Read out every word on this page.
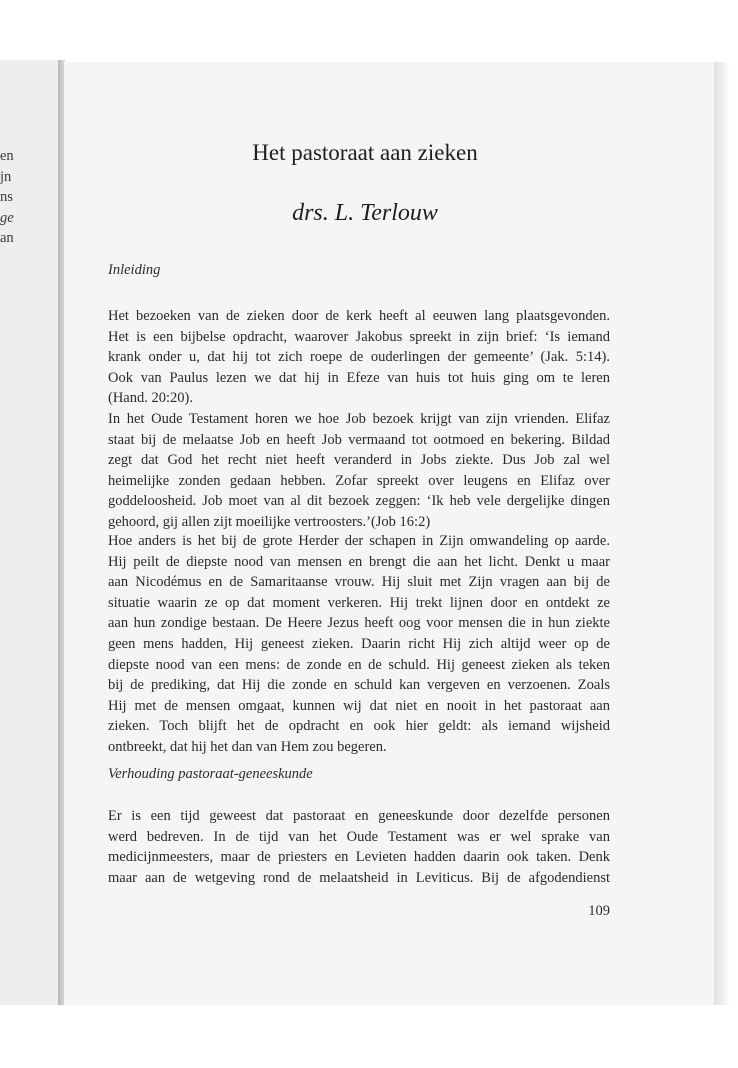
en
jn
ns
ge
an
Het pastoraat aan zieken
drs. L. Terlouw
Inleiding
Het bezoeken van de zieken door de kerk heeft al eeuwen lang plaatsgevonden.
Het is een bijbelse opdracht, waarover Jakobus spreekt in zijn brief: ‘Is iemand
krank onder u, dat hij tot zich roepe de ouderlingen der gemeente’ (Jak. 5:14).
Ook van Paulus lezen we dat hij in Efeze van huis tot huis ging om te leren
(Hand. 20:20).
In het Oude Testament horen we hoe Job bezoek krijgt van zijn vrienden. Elifaz
staat bij de melaatse Job en heeft Job vermaand tot ootmoed en bekering. Bildad
zegt dat God het recht niet heeft veranderd in Jobs ziekte. Dus Job zal wel
heimelijke zonden gedaan hebben. Zofar spreekt over leugens en Elifaz over
goddeloosheid. Job moet van al dit bezoek zeggen: ‘Ik heb vele dergelijke dingen
gehoord, gij allen zijt moeilijke vertroosters.’(Job 16:2)
Hoe anders is het bij de grote Herder der schapen in Zijn omwandeling op aarde.
Hij peilt de diepste nood van mensen en brengt die aan het licht. Denkt u maar
aan Nicodémus en de Samaritaanse vrouw. Hij sluit met Zijn vragen aan bij de
situatie waarin ze op dat moment verkeren. Hij trekt lijnen door en ontdekt ze
aan hun zondige bestaan. De Heere Jezus heeft oog voor mensen die in hun ziekte
geen mens hadden, Hij geneest zieken. Daarin richt Hij zich altijd weer op de
diepste nood van een mens: de zonde en de schuld. Hij geneest zieken als teken
bij de prediking, dat Hij die zonde en schuld kan vergeven en verzoenen. Zoals
Hij met de mensen omgaat, kunnen wij dat niet en nooit in het pastoraat aan
zieken. Toch blijft het de opdracht en ook hier geldt: als iemand wijsheid
ontbreekt, dat hij het dan van Hem zou begeren.
Verhouding pastoraat-geneeskunde
Er is een tijd geweest dat pastoraat en geneeskunde door dezelfde personen
werd bedreven. In de tijd van het Oude Testament was er wel sprake van
medicijnmeesters, maar de priesters en Levieten hadden daarin ook taken. Denk
maar aan de wetgeving rond de melaatsheid in Leviticus. Bij de afgodendienst
109
